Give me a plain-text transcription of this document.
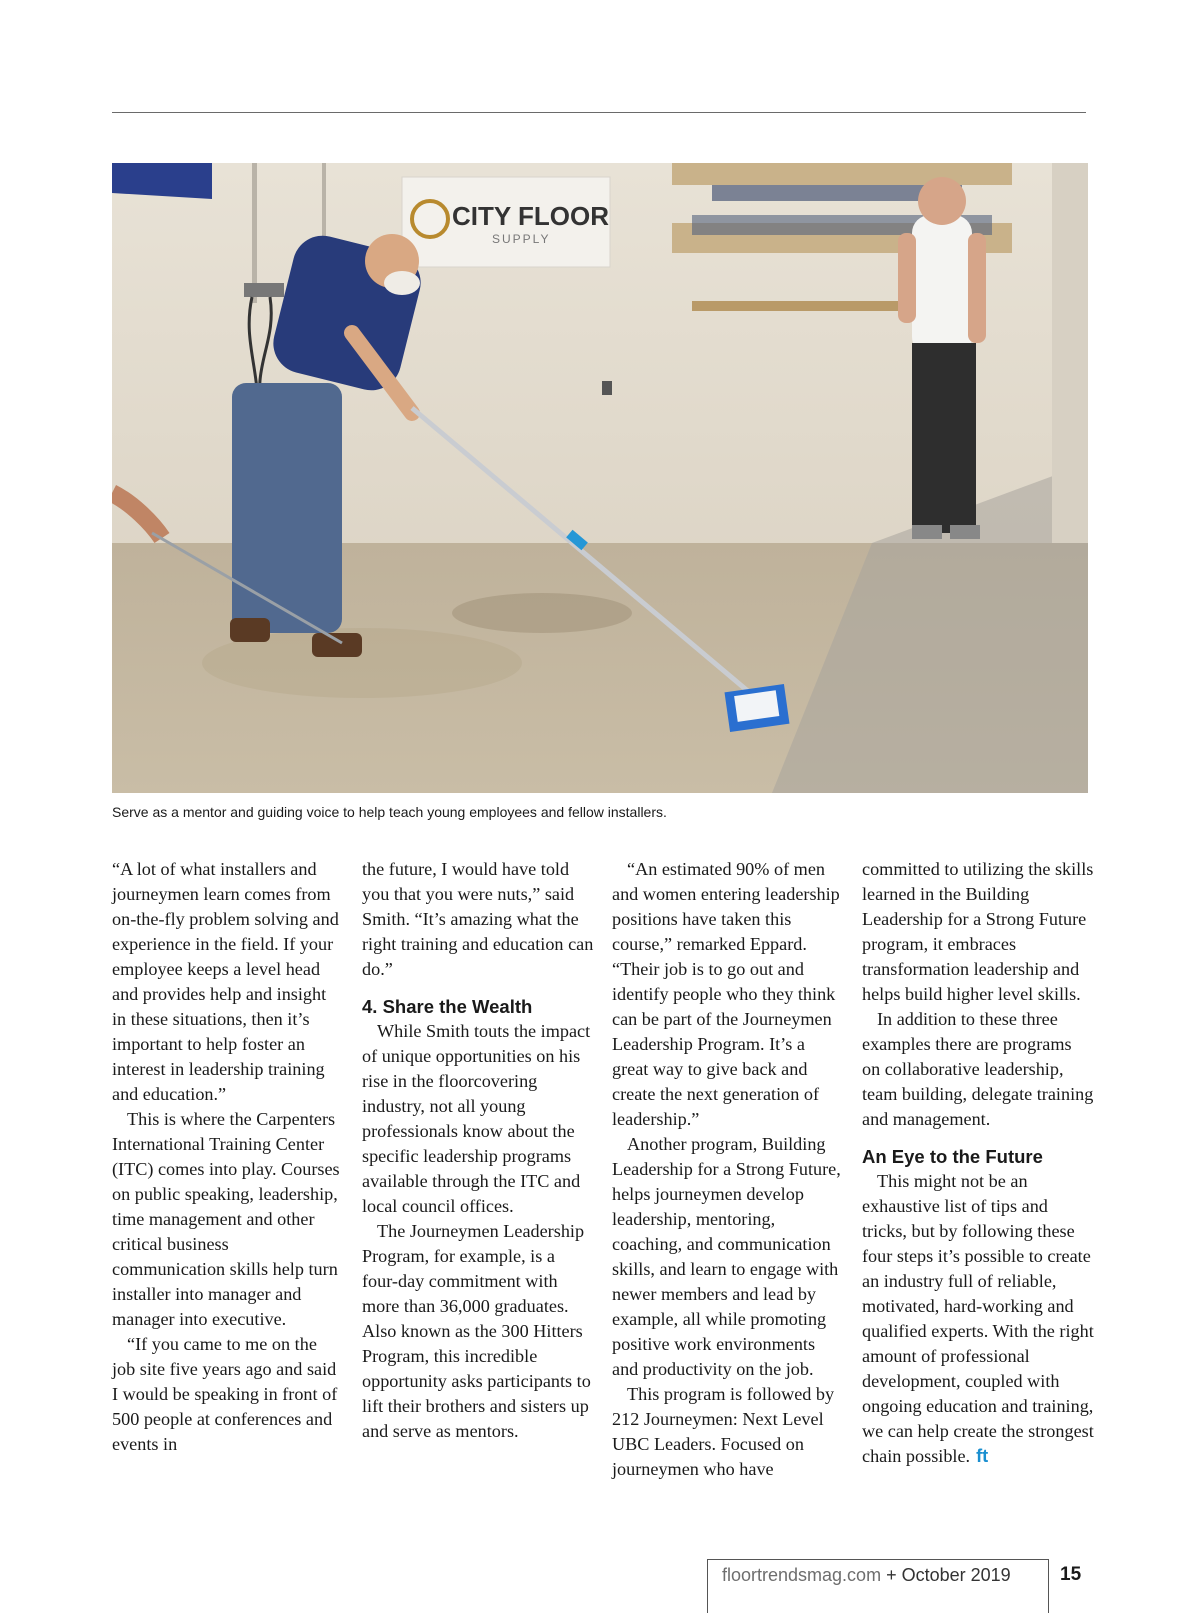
CITY FLOOR
SUPPLY
Serve as a mentor and guiding voice to help teach young employees and fellow installers.

“A lot of what installers and journeymen learn comes from on-the-fly problem solving and experience in the field. If your employee keeps a level head and provides help and insight in these situations, then it’s important to help foster an interest in leadership training and education.”

This is where the Carpenters International Training Center (ITC) comes into play. Courses on public speaking, leadership, time management and other critical business communication skills help turn installer into manager and manager into executive.

“If you came to me on the job site five years ago and said I would be speaking in front of 500 people at conferences and events in

the future, I would have told you that you were nuts,” said Smith. “It’s amazing what the right training and education can do.”

4. Share the Wealth

While Smith touts the impact of unique opportunities on his rise in the floorcovering industry, not all young professionals know about the specific leadership programs available through the ITC and local council offices.

The Journeymen Leadership Program, for example, is a four-day commitment with more than 36,000 graduates. Also known as the 300 Hitters Program, this incredible opportunity asks participants to lift their brothers and sisters up and serve as mentors.

“An estimated 90% of men and women entering leadership positions have taken this course,” remarked Eppard. “Their job is to go out and identify people who they think can be part of the Journeymen Leadership Program. It’s a great way to give back and create the next generation of leadership.”

Another program, Building Leadership for a Strong Future, helps journeymen develop leadership, mentoring, coaching, and communication skills, and learn to engage with newer members and lead by example, all while promoting positive work environments and productivity on the job.

This program is followed by 212 Journeymen: Next Level UBC Leaders. Focused on journeymen who have

committed to utilizing the skills learned in the Building Leadership for a Strong Future program, it embraces transformation leadership and helps build higher level skills.

In addition to these three examples there are programs on collaborative leadership, team building, delegate training and management.

An Eye to the Future

This might not be an exhaustive list of tips and tricks, but by following these four steps it’s possible to create an industry full of reliable, motivated, hard-working and qualified experts. With the right amount of professional development, coupled with ongoing education and training, we can help create the strongest chain possible. ft

floortrendsmag.com + October 2019	15
